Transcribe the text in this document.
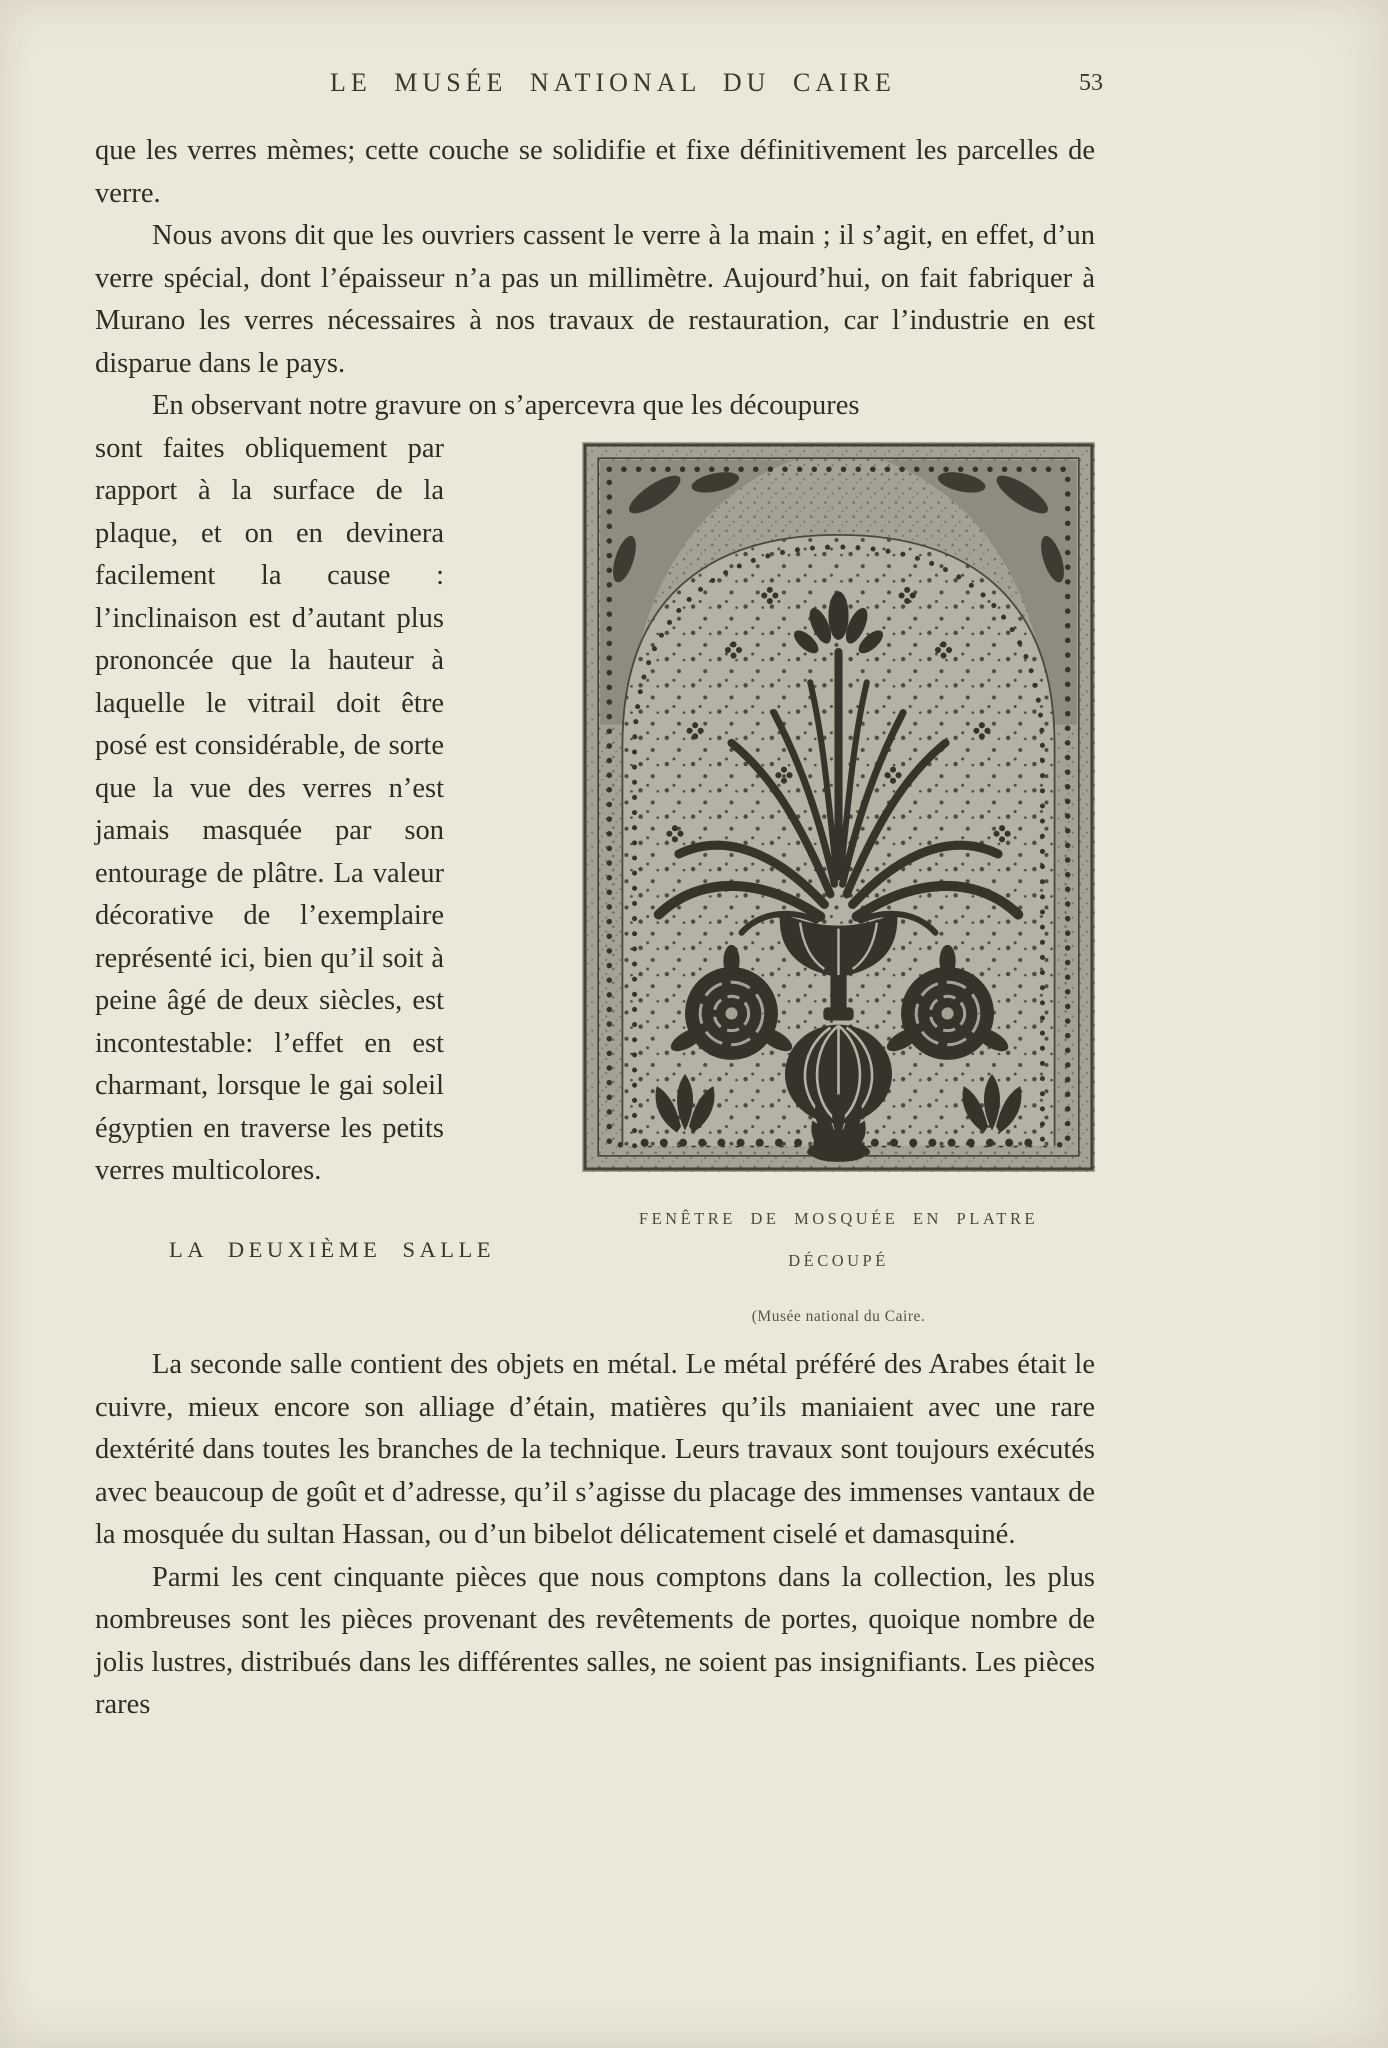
LE MUSÉE NATIONAL DU CAIRE	53

que les verres mèmes; cette couche se solidifie et fixe définitivement les parcelles de verre.

Nous avons dit que les ouvriers cassent le verre à la main ; il s’agit, en effet, d’un verre spécial, dont l’épaisseur n’a pas un millimètre. Aujourd’hui, on fait fabriquer à Murano les verres nécessaires à nos travaux de restauration, car l’industrie en est disparue dans le pays.

En observant notre gravure on s’apercevra que les découpures

FENÊTRE DE MOSQUÉE EN PLATRE DÉCOUPÉ
(Musée national du Caire.

sont faites obliquement par rapport à la surface de la plaque, et on en devinera facilement la cause : l’inclinaison est d’autant plus prononcée que la hauteur à laquelle le vitrail doit être posé est considérable, de sorte que la vue des verres n’est jamais masquée par son entourage de plâtre. La valeur décorative de l’exemplaire représenté ici, bien qu’il soit à peine âgé de deux siècles, est incontestable: l’effet en est charmant, lorsque le gai soleil égyptien en traverse les petits verres multicolores.

LA DEUXIÈME SALLE

La seconde salle contient des objets en métal. Le métal préféré des Arabes était le cuivre, mieux encore son alliage d’étain, matières qu’ils maniaient avec une rare dextérité dans toutes les branches de la technique. Leurs travaux sont toujours exécutés avec beaucoup de goût et d’adresse, qu’il s’agisse du placage des immenses vantaux de la mosquée du sultan Hassan, ou d’un bibelot délicatement ciselé et damasquiné.

Parmi les cent cinquante pièces que nous comptons dans la collection, les plus nombreuses sont les pièces provenant des revêtements de portes, quoique nombre de jolis lustres, distribués dans les différentes salles, ne soient pas insignifiants. Les pièces rares
